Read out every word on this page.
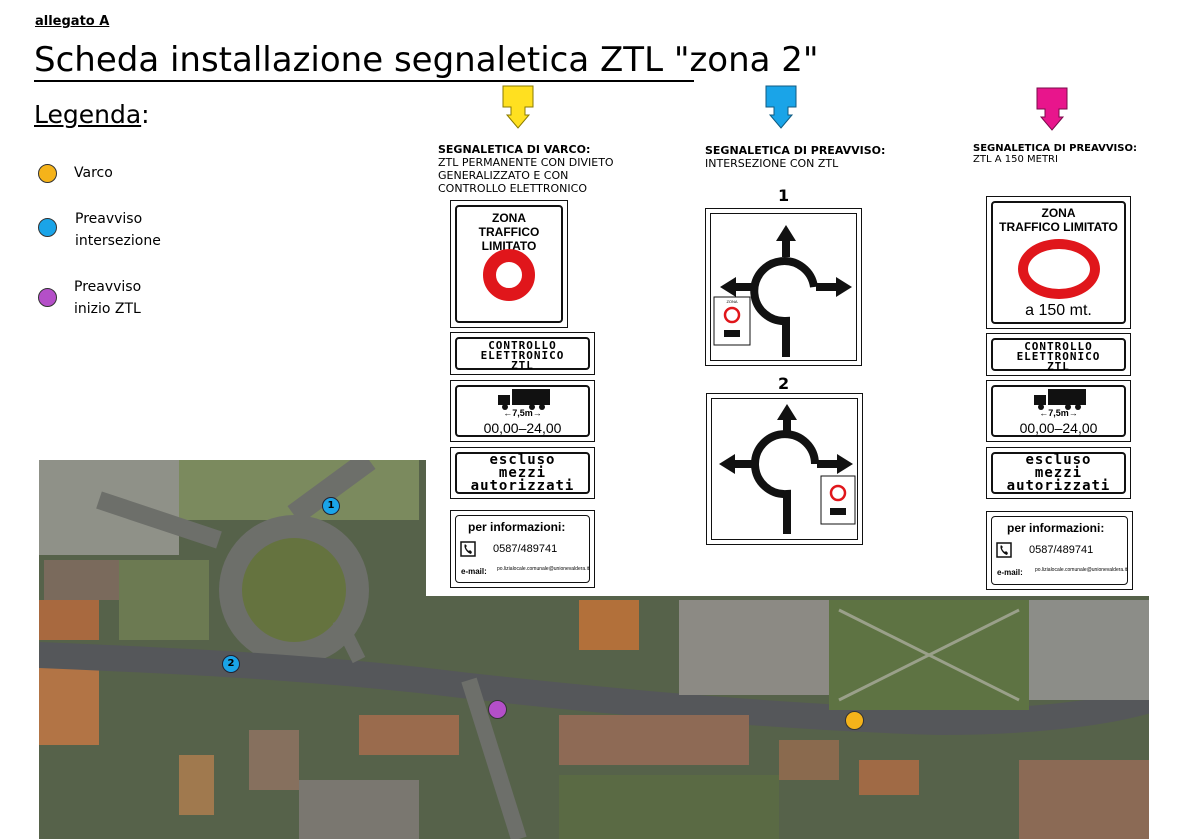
allegato A
Scheda installazione segnaletica ZTL "zona 2"
Legenda:
Varco
Preavviso
intersezione
Preavviso
inizio ZTL
SEGNALETICA DI VARCO:
ZTL PERMANENTE CON DIVIETO
GENERALIZZATO E CON
CONTROLLO ELETTRONICO
SEGNALETICA DI PREAVVISO:
INTERSEZIONE CON ZTL
SEGNALETICA DI PREAVVISO:
ZTL A 150 METRI
1
2
ZONA
TRAFFICO LIMITATO
CONTROLLO
ELETTRONICO
ZTL
←7,5m→
00,00–24,00
escluso
mezzi
autorizzati
per informazioni:
0587/489741
e-mail: po.lizialocale.comunale@unionevaldera.it
1
ZONA
2
ZONA
TRAFFICO LIMITATO
a 150 mt.
CONTROLLO
ELETTRONICO
ZTL
←7,5m→
00,00–24,00
escluso
mezzi
autorizzati
per informazioni:
0587/489741
e-mail: po.lizialocale.comunale@unionevaldera.it
